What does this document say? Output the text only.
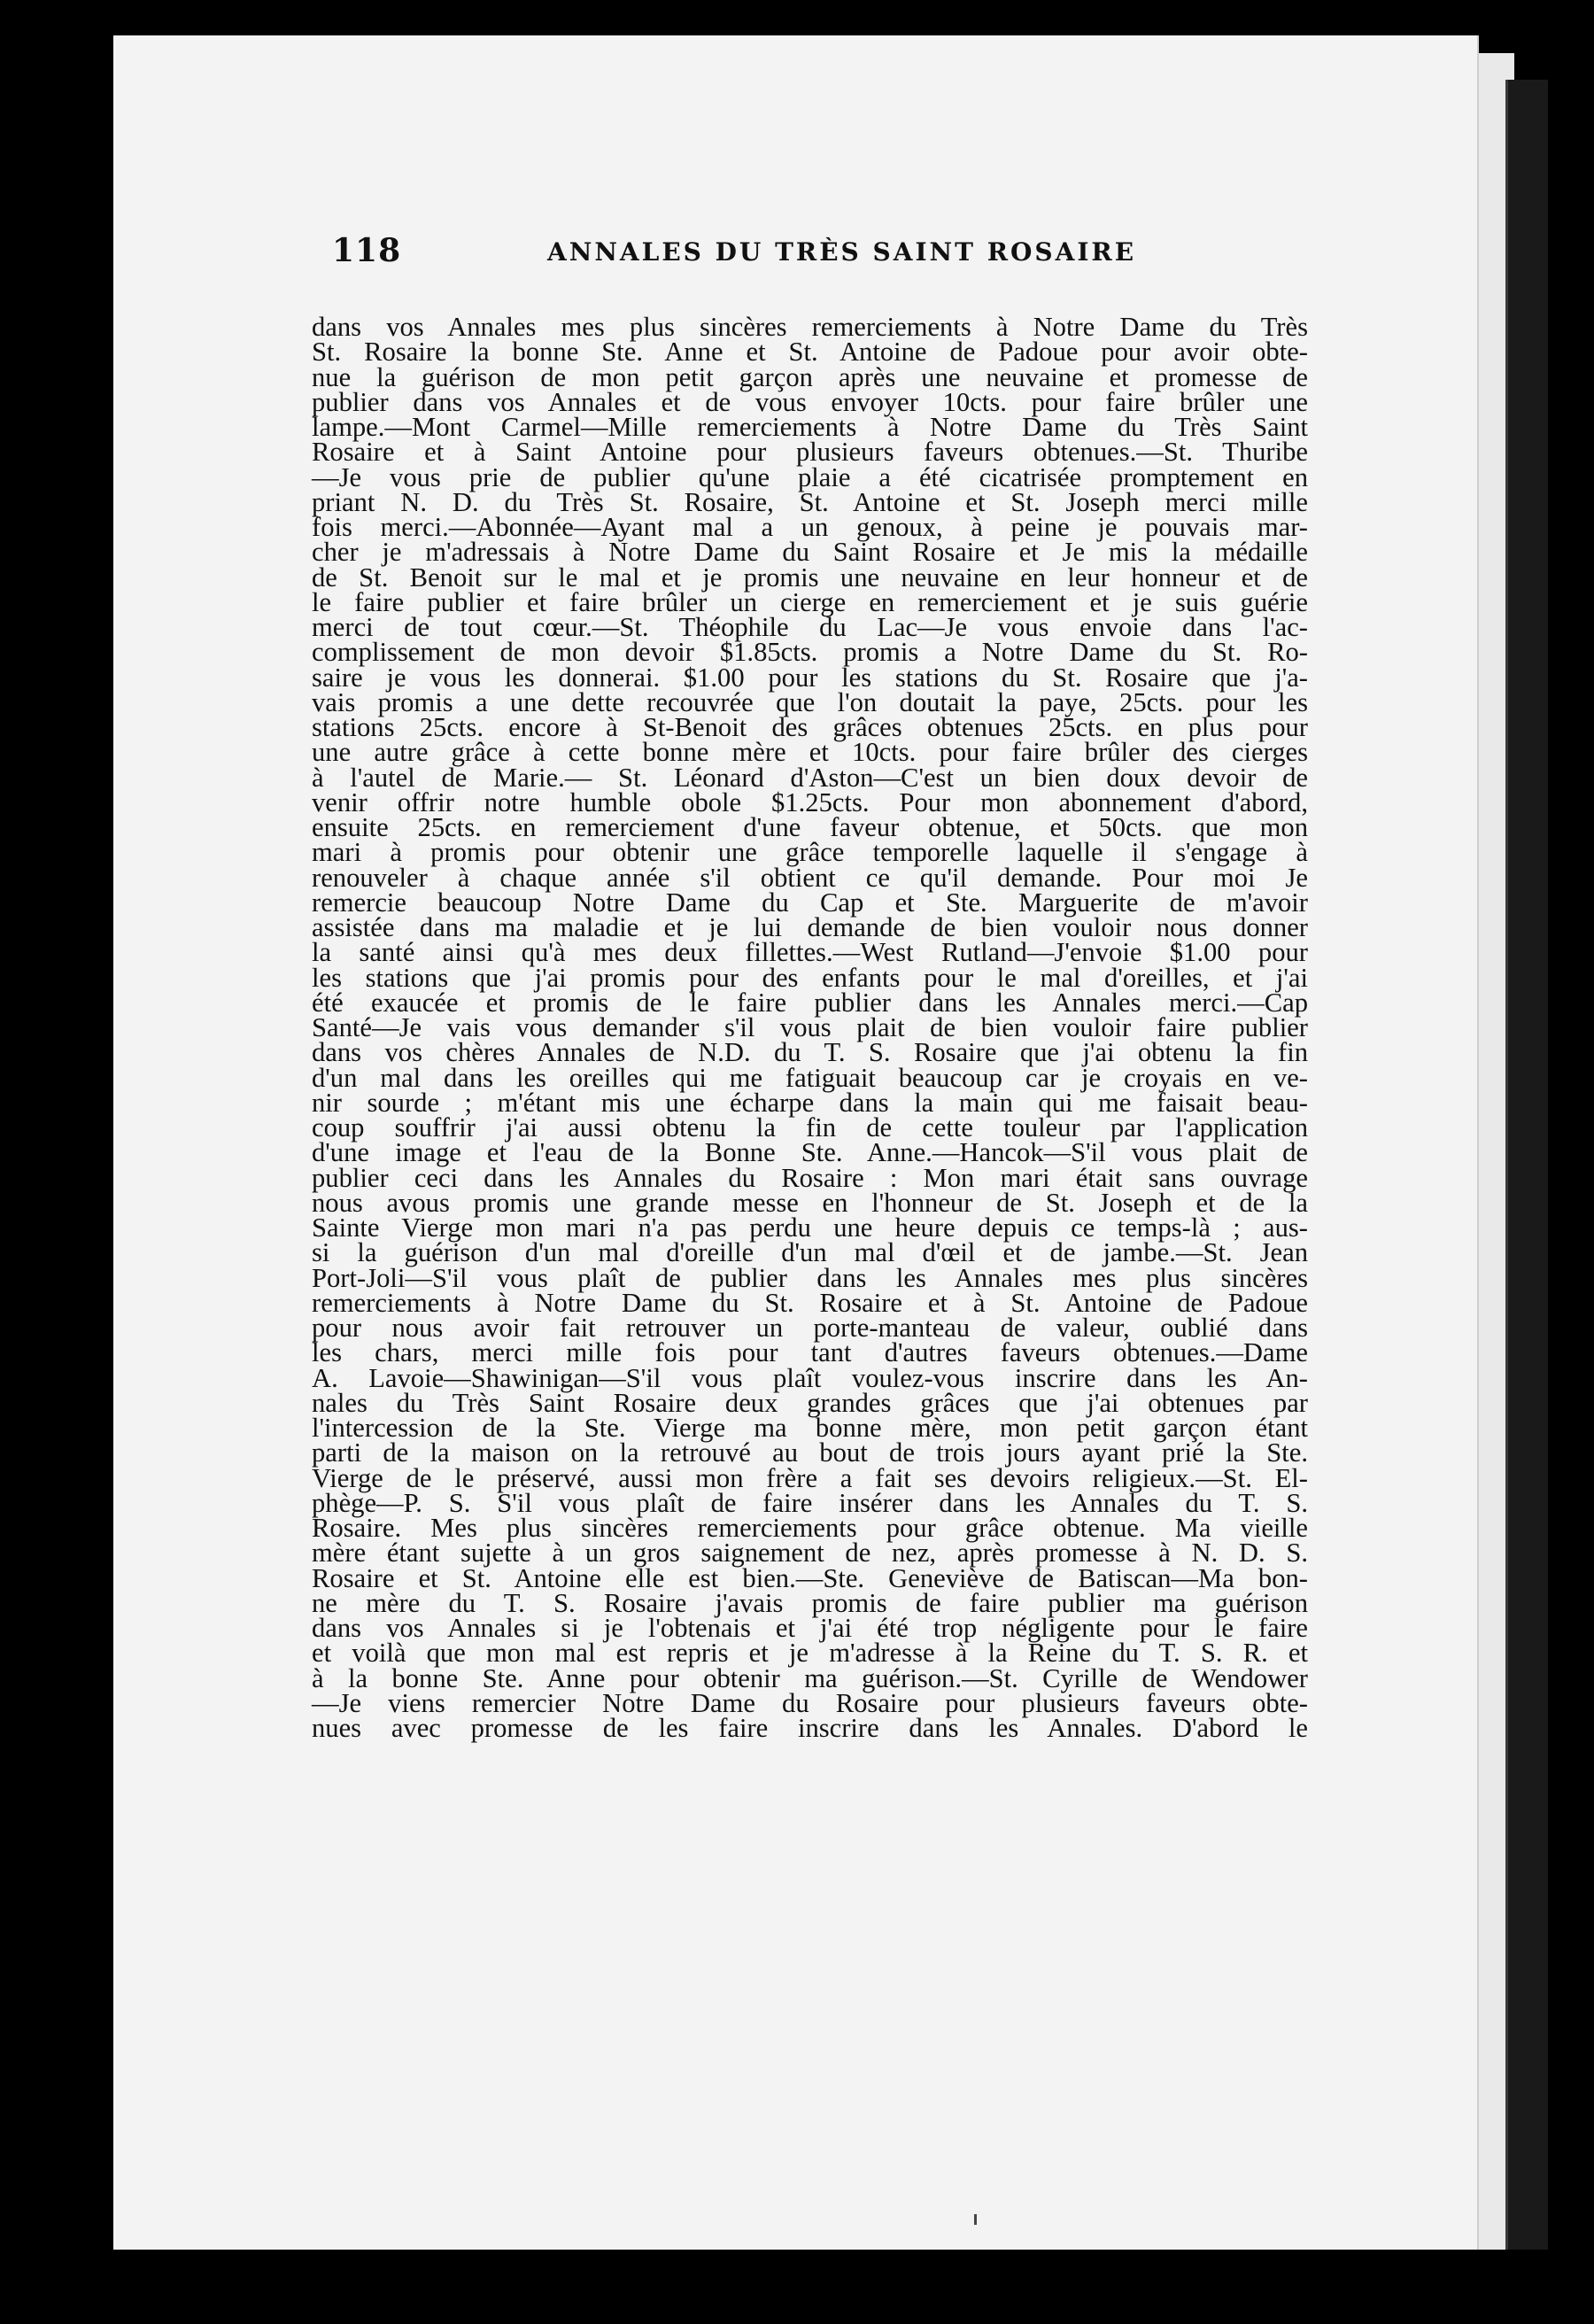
118	ANNALES DU TRÈS SAINT ROSAIRE
dans vos Annales mes plus sincères remerciements à Notre Dame du Très
St. Rosaire la bonne Ste. Anne et St. Antoine de Padoue pour avoir obte-
nue la guérison de mon petit garçon après une neuvaine et promesse de
publier dans vos Annales et de vous envoyer 10cts. pour faire brûler une
lampe.—Mont Carmel—Mille remerciements à Notre Dame du Très Saint
Rosaire et à Saint Antoine pour plusieurs faveurs obtenues.—St. Thuribe
—Je vous prie de publier qu'une plaie a été cicatrisée promptement en
priant N. D. du Très St. Rosaire, St. Antoine et St. Joseph merci mille
fois merci.—Abonnée—Ayant mal a un genoux, à peine je pouvais mar-
cher je m'adressais à Notre Dame du Saint Rosaire et Je mis la médaille
de St. Benoit sur le mal et je promis une neuvaine en leur honneur et de
le faire publier et faire brûler un cierge en remerciement et je suis guérie
merci de tout cœur.—St. Théophile du Lac—Je vous envoie dans l'ac-
complissement de mon devoir $1.85cts. promis a Notre Dame du St. Ro-
saire je vous les donnerai. $1.00 pour les stations du St. Rosaire que j'a-
vais promis a une dette recouvrée que l'on doutait la paye, 25cts. pour les
stations 25cts. encore à St-Benoit des grâces obtenues 25cts. en plus pour
une autre grâce à cette bonne mère et 10cts. pour faire brûler des cierges
à l'autel de Marie.— St. Léonard d'Aston—C'est un bien doux devoir de
venir offrir notre humble obole $1.25cts. Pour mon abonnement d'abord,
ensuite 25cts. en remerciement d'une faveur obtenue, et 50cts. que mon
mari à promis pour obtenir une grâce temporelle laquelle il s'engage à
renouveler à chaque année s'il obtient ce qu'il demande. Pour moi Je
remercie beaucoup Notre Dame du Cap et Ste. Marguerite de m'avoir
assistée dans ma maladie et je lui demande de bien vouloir nous donner
la santé ainsi qu'à mes deux fillettes.—West Rutland—J'envoie $1.00 pour
les stations que j'ai promis pour des enfants pour le mal d'oreilles, et j'ai
été exaucée et promis de le faire publier dans les Annales merci.—Cap
Santé—Je vais vous demander s'il vous plait de bien vouloir faire publier
dans vos chères Annales de N.D. du T. S. Rosaire que j'ai obtenu la fin
d'un mal dans les oreilles qui me fatiguait beaucoup car je croyais en ve-
nir sourde ; m'étant mis une écharpe dans la main qui me faisait beau-
coup souffrir j'ai aussi obtenu la fin de cette touleur par l'application
d'une image et l'eau de la Bonne Ste. Anne.—Hancok—S'il vous plait de
publier ceci dans les Annales du Rosaire : Mon mari était sans ouvrage
nous avous promis une grande messe en l'honneur de St. Joseph et de la
Sainte Vierge mon mari n'a pas perdu une heure depuis ce temps-là ; aus-
si la guérison d'un mal d'oreille d'un mal d'œil et de jambe.—St. Jean
Port-Joli—S'il vous plaît de publier dans les Annales mes plus sincères
remerciements à Notre Dame du St. Rosaire et à St. Antoine de Padoue
pour nous avoir fait retrouver un porte-manteau de valeur, oublié dans
les chars, merci mille fois pour tant d'autres faveurs obtenues.—Dame
A. Lavoie—Shawinigan—S'il vous plaît voulez-vous inscrire dans les An-
nales du Très Saint Rosaire deux grandes grâces que j'ai obtenues par
l'intercession de la Ste. Vierge ma bonne mère, mon petit garçon étant
parti de la maison on la retrouvé au bout de trois jours ayant prié la Ste.
Vierge de le préservé, aussi mon frère a fait ses devoirs religieux.—St. El-
phège—P. S. S'il vous plaît de faire insérer dans les Annales du T. S.
Rosaire. Mes plus sincères remerciements pour grâce obtenue. Ma vieille
mère étant sujette à un gros saignement de nez, après promesse à N. D. S.
Rosaire et St. Antoine elle est bien.—Ste. Geneviève de Batiscan—Ma bon-
ne mère du T. S. Rosaire j'avais promis de faire publier ma guérison
dans vos Annales si je l'obtenais et j'ai été trop négligente pour le faire
et voilà que mon mal est repris et je m'adresse à la Reine du T. S. R. et
à la bonne Ste. Anne pour obtenir ma guérison.—St. Cyrille de Wendower
—Je viens remercier Notre Dame du Rosaire pour plusieurs faveurs obte-
nues avec promesse de les faire inscrire dans les Annales. D'abord le
